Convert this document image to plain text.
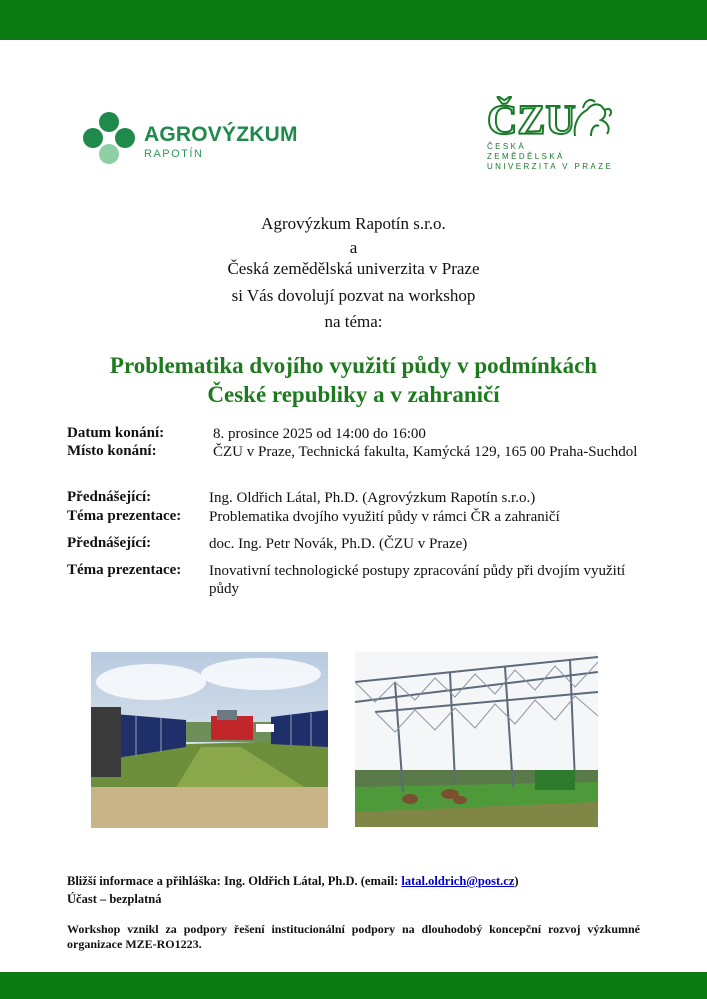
AGROVÝZKUM
RAPOTÍN
ČZU
ČESKÁ
ZEMĚDĚLSKÁ
UNIVERZITA V PRAZE
Agrovýzkum Rapotín s.r.o.
a
Česká zemědělská univerzita v Praze
si Vás dovolují pozvat na workshop
na téma:
Problematika dvojího využití půdy v podmínkách
České republiky a v zahraničí
Datum konání:	8. prosince 2025 od 14:00 do 16:00
Místo konání:	ČZU v Praze, Technická fakulta, Kamýcká 129, 165 00 Praha-Suchdol
Přednášející:	Ing. Oldřich Látal, Ph.D. (Agrovýzkum Rapotín s.r.o.)
Téma prezentace: Problematika dvojího využití půdy v rámci ČR a zahraničí
Přednášející:	doc. Ing. Petr Novák, Ph.D. (ČZU v Praze)
Téma prezentace: Inovativní technologické postupy zpracování půdy při dvojím využití půdy
Bližší informace a přihláška: Ing. Oldřich Látal, Ph.D. (email: latal.oldrich@post.cz)
Účast – bezplatná
Workshop vznikl za podpory řešení institucionální podpory na dlouhodobý koncepční rozvoj výzkumné organizace MZE-RO1223.
